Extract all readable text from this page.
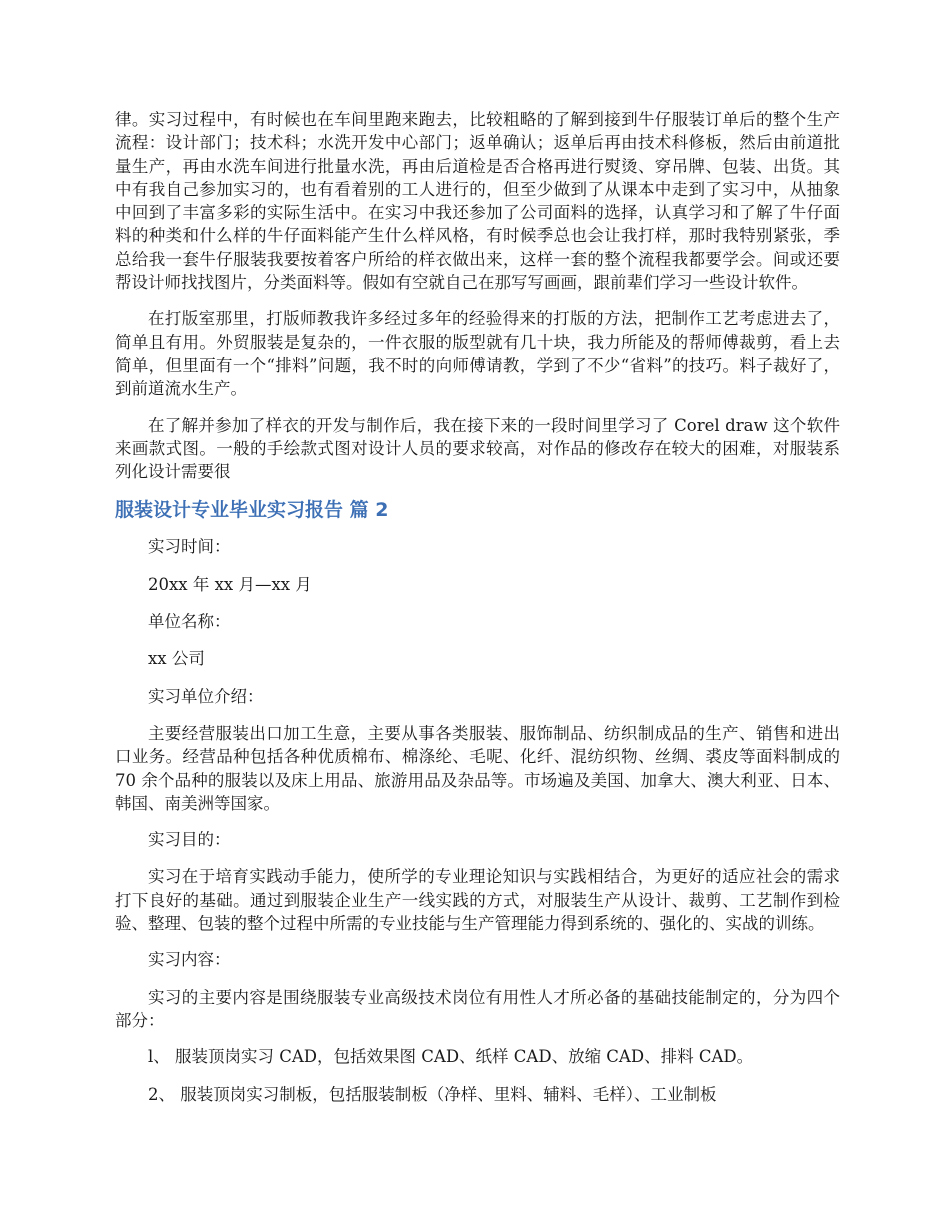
律。实习过程中，有时候也在车间里跑来跑去，比较粗略的了解到接到牛仔服装订单后的整个生产流程：设计部门；技术科；水洗开发中心部门；返单确认；返单后再由技术科修板，然后由前道批量生产，再由水洗车间进行批量水洗，再由后道检是否合格再进行熨烫、穿吊牌、包装、出货。其中有我自己参加实习的，也有看着别的工人进行的，但至少做到了从课本中走到了实习中，从抽象中回到了丰富多彩的实际生活中。在实习中我还参加了公司面料的选择，认真学习和了解了牛仔面料的种类和什么样的牛仔面料能产生什么样风格，有时候季总也会让我打样，那时我特别紧张，季总给我一套牛仔服装我要按着客户所给的样衣做出来，这样一套的整个流程我都要学会。间或还要帮设计师找找图片，分类面料等。假如有空就自己在那写写画画，跟前辈们学习一些设计软件。

在打版室那里，打版师教我许多经过多年的经验得来的打版的方法，把制作工艺考虑进去了，简单且有用。外贸服装是复杂的，一件衣服的版型就有几十块，我力所能及的帮师傅裁剪，看上去简单，但里面有一个“排料”问题，我不时的向师傅请教，学到了不少“省料”的技巧。料子裁好了，到前道流水生产。

在了解并参加了样衣的开发与制作后，我在接下来的一段时间里学习了 Corel draw 这个软件来画款式图。一般的手绘款式图对设计人员的要求较高，对作品的修改存在较大的困难，对服装系列化设计需要很

服装设计专业毕业实习报告 篇 2

实习时间：

20xx 年 xx 月—xx 月

单位名称：

xx 公司

实习单位介绍：

主要经营服装出口加工生意，主要从事各类服装、服饰制品、纺织制成品的生产、销售和进出口业务。经营品种包括各种优质棉布、棉涤纶、毛呢、化纤、混纺织物、丝绸、裘皮等面料制成的 70 余个品种的服装以及床上用品、旅游用品及杂品等。市场遍及美国、加拿大、澳大利亚、日本、韩国、南美洲等国家。

实习目的：

实习在于培育实践动手能力，使所学的专业理论知识与实践相结合，为更好的适应社会的需求打下良好的基础。通过到服装企业生产一线实践的方式，对服装生产从设计、裁剪、工艺制作到检验、整理、包装的整个过程中所需的专业技能与生产管理能力得到系统的、强化的、实战的训练。

实习内容：

实习的主要内容是围绕服装专业高级技术岗位有用性人才所必备的基础技能制定的，分为四个部分：

l、 服装顶岗实习 CAD，包括效果图 CAD、纸样 CAD、放缩 CAD、排料 CAD。

2、 服装顶岗实习制板，包括服装制板（净样、里料、辅料、毛样）、工业制板
